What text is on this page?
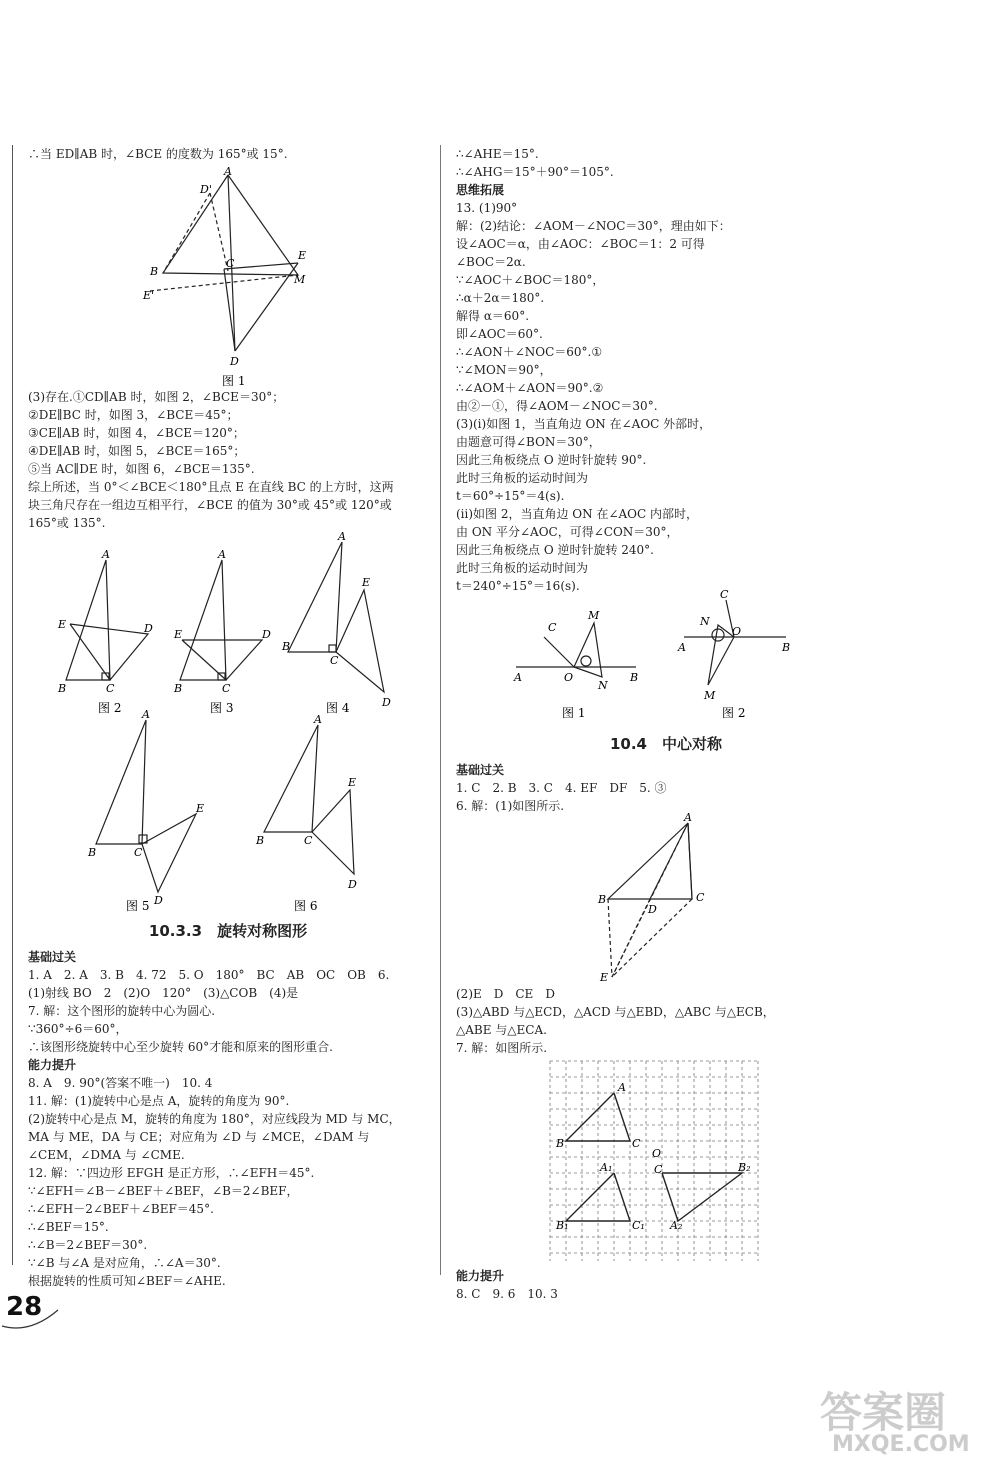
∴当 ED∥AB 时，∠BCE 的度数为 165°或 15°.
A
D'
B
C
E
M
E'
D
图 1
(3)存在.①CD∥AB 时，如图 2，∠BCE＝30°；
②DE∥BC 时，如图 3，∠BCE＝45°；
③CE∥AB 时，如图 4，∠BCE＝120°；
④DE∥AB 时，如图 5，∠BCE＝165°；
⑤当 AC∥DE 时，如图 6，∠BCE＝135°.
综上所述，当 0°＜∠BCE＜180°且点 E 在直线 BC 的上方时，这两
块三角尺存在一组边互相平行，∠BCE 的值为 30°或 45°或 120°或
165°或 135°.
A
E	D
B	C
A
E	D
B	C
A
E
B
C
D
A
E
B	C
D
A
E
B	C
D
图 2	图 3	图 4
图 5	图 6
10.3.3　旋转对称图形
基础过关
1. A　2. A　3. B　4. 72　5. O　180°　BC　AB　OC　OB　6.
(1)射线 BO　2　(2)O　120°　(3)△COB　(4)是
7. 解：这个图形的旋转中心为圆心.
∵360°÷6＝60°，
∴该图形绕旋转中心至少旋转 60°才能和原来的图形重合.
能力提升
8. A　9. 90°(答案不唯一)　10. 4
11. 解：(1)旋转中心是点 A，旋转的角度为 90°.
(2)旋转中心是点 M，旋转的角度为 180°，对应线段为 MD 与 MC，
MA 与 ME，DA 与 CE；对应角为 ∠D 与 ∠MCE，∠DAM 与
∠CEM，∠DMA 与 ∠CME.
12. 解：∵四边形 EFGH 是正方形，∴∠EFH＝45°.
∵∠EFH＝∠B－∠BEF＋∠BEF，∠B＝2∠BEF，
∴∠EFH－2∠BEF＋∠BEF＝45°.
∴∠BEF＝15°.
∴∠B＝2∠BEF＝30°.
∵∠B 与∠A 是对应角，∴∠A＝30°.
根据旋转的性质可知∠BEF＝∠AHE.
∴∠AHE＝15°.
∴∠AHG＝15°＋90°＝105°.
思维拓展
13. (1)90°
解：(2)结论：∠AOM－∠NOC＝30°，理由如下：
设∠AOC＝α，由∠AOC：∠BOC＝1：2 可得
∠BOC＝2α.
∵∠AOC＋∠BOC＝180°，
∴α＋2α＝180°.
解得 α＝60°.
即∠AOC＝60°.
∴∠AON＋∠NOC＝60°.①
∵∠MON＝90°，
∴∠AOM＋∠AON＝90°.②
由②－①，得∠AOM－∠NOC＝30°.
(3)(ⅰ)如图 1，当直角边 ON 在∠AOC 外部时，
由题意可得∠BON＝30°，
因此三角板绕点 O 逆时针旋转 90°.
此时三角板的运动时间为
t＝60°÷15°＝4(s).
(ⅱ)如图 2，当直角边 ON 在∠AOC 内部时，
由 ON 平分∠AOC，可得∠CON＝30°，
因此三角板绕点 O 逆时针旋转 240°.
此时三角板的运动时间为
t＝240°÷15°＝16(s).
C
M
A	O
N
B
C
N
O
A	B
M
图 1	图 2
10.4　中心对称
基础过关
1. C　2. B　3. C　4. EF　DF　5. ③
6. 解：(1)如图所示.
A
B	C
D
E
(2)E　D　CE　D
(3)△ABD 与△ECD，△ACD 与△EBD，△ABC 与△ECB，
△ABE 与△ECA.
7. 解：如图所示.
A
B	C
A₁
B₁	C₁
O
C	B₂
A₂
能力提升
8. C　9. 6　10. 3
28
答案圈
MXQE.COM
